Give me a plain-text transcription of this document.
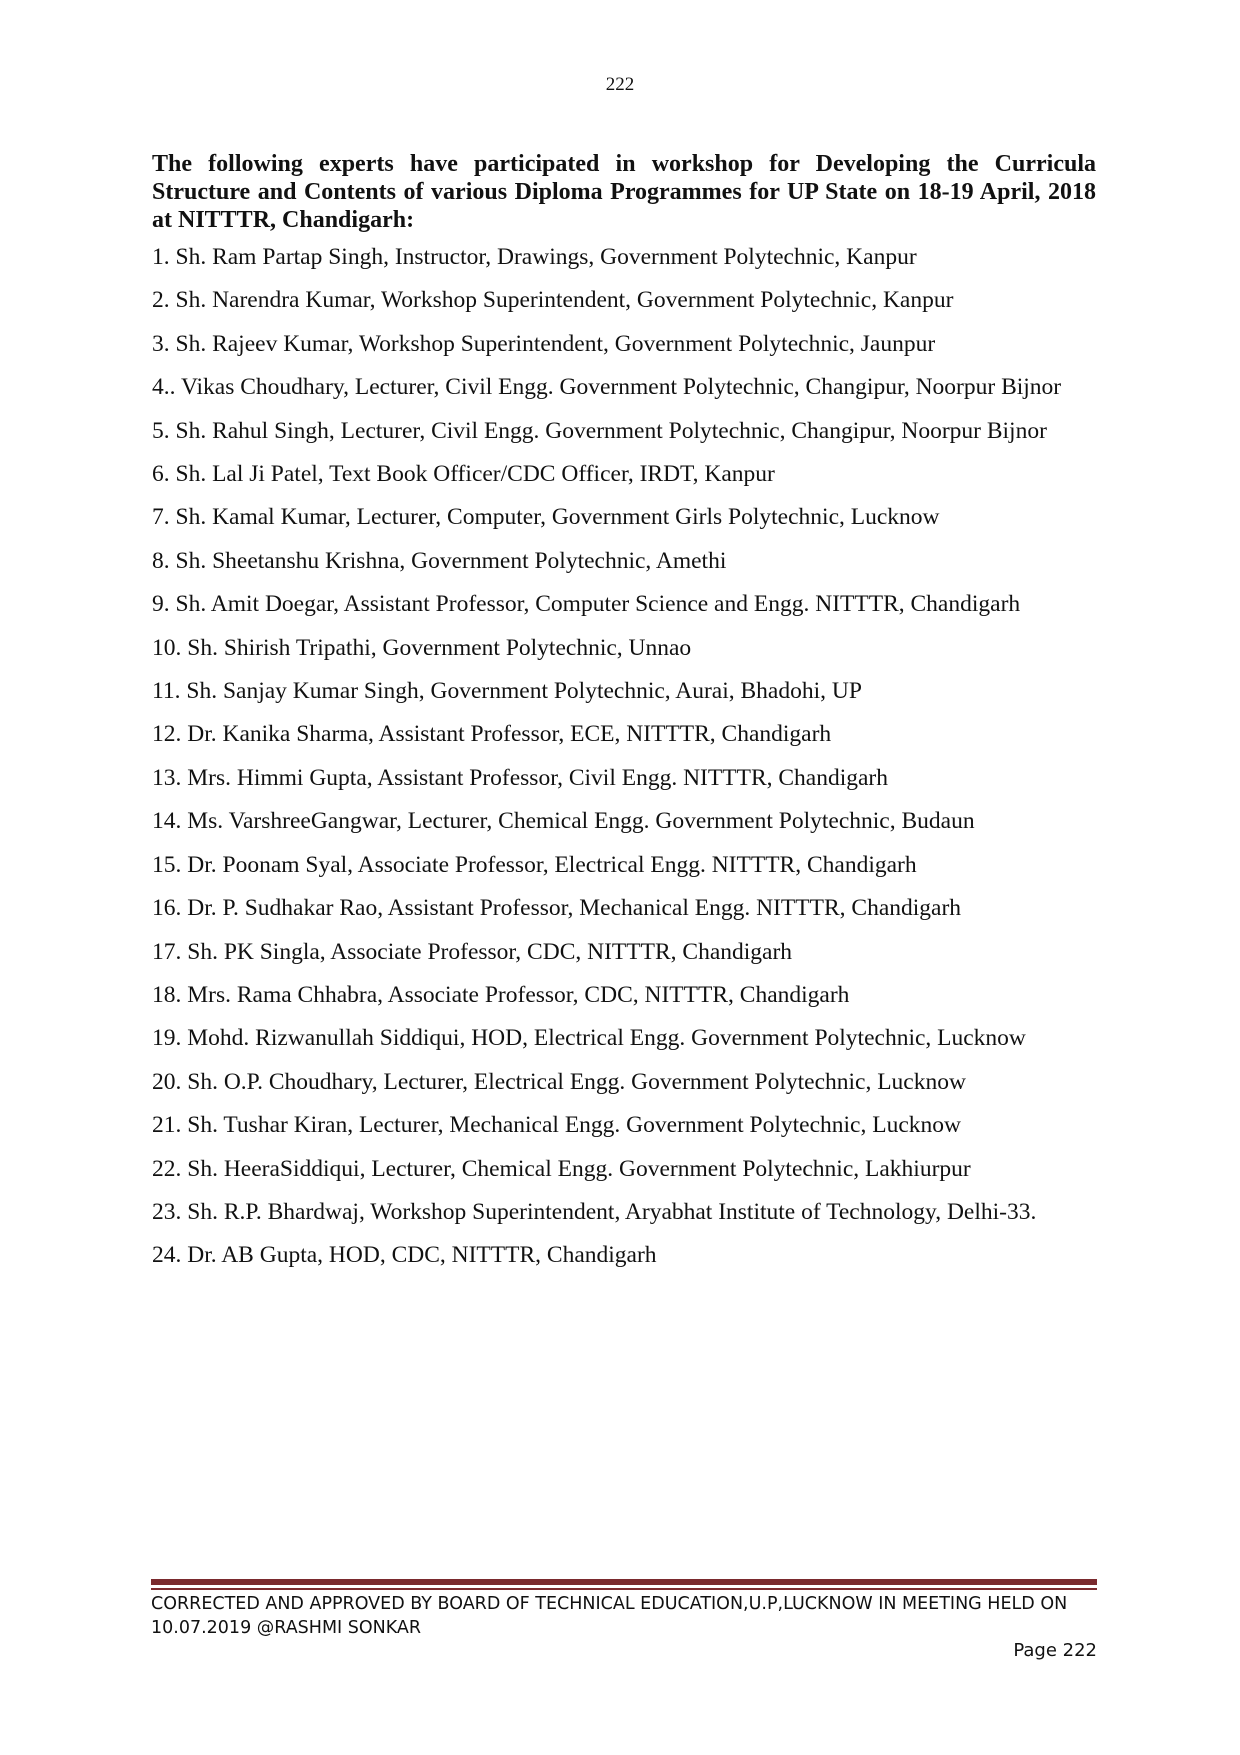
222

The following experts have participated in workshop for Developing the Curricula Structure and Contents of various Diploma Programmes for UP State on 18-19 April, 2018 at NITTTR, Chandigarh:

1. Sh. Ram Partap Singh, Instructor, Drawings, Government Polytechnic, Kanpur
2. Sh. Narendra Kumar, Workshop Superintendent, Government Polytechnic, Kanpur
3. Sh. Rajeev Kumar, Workshop Superintendent, Government Polytechnic, Jaunpur
4.. Vikas Choudhary, Lecturer, Civil Engg. Government Polytechnic, Changipur, Noorpur Bijnor
5. Sh. Rahul Singh, Lecturer, Civil Engg. Government Polytechnic, Changipur, Noorpur Bijnor
6. Sh. Lal Ji Patel, Text Book Officer/CDC Officer, IRDT, Kanpur
7. Sh. Kamal Kumar, Lecturer, Computer, Government Girls Polytechnic, Lucknow
8. Sh. Sheetanshu Krishna, Government Polytechnic, Amethi
9. Sh. Amit Doegar, Assistant Professor, Computer Science and Engg. NITTTR, Chandigarh
10. Sh. Shirish Tripathi, Government Polytechnic, Unnao
11. Sh. Sanjay Kumar Singh, Government Polytechnic, Aurai, Bhadohi, UP
12. Dr. Kanika Sharma, Assistant Professor, ECE, NITTTR, Chandigarh
13. Mrs. Himmi Gupta, Assistant Professor, Civil Engg. NITTTR, Chandigarh
14. Ms. VarshreeGangwar, Lecturer, Chemical Engg. Government Polytechnic, Budaun
15. Dr. Poonam Syal, Associate Professor, Electrical Engg. NITTTR, Chandigarh
16. Dr. P. Sudhakar Rao, Assistant Professor, Mechanical Engg. NITTTR, Chandigarh
17. Sh. PK Singla, Associate Professor, CDC, NITTTR, Chandigarh
18. Mrs. Rama Chhabra, Associate Professor, CDC, NITTTR, Chandigarh
19. Mohd. Rizwanullah Siddiqui, HOD, Electrical Engg. Government Polytechnic, Lucknow
20. Sh. O.P. Choudhary, Lecturer, Electrical Engg. Government Polytechnic, Lucknow
21. Sh. Tushar Kiran, Lecturer, Mechanical Engg. Government Polytechnic, Lucknow
22. Sh. HeeraSiddiqui, Lecturer, Chemical Engg. Government Polytechnic, Lakhiurpur
23. Sh. R.P. Bhardwaj, Workshop Superintendent, Aryabhat Institute of Technology, Delhi-33.
24. Dr. AB Gupta, HOD, CDC, NITTTR, Chandigarh

CORRECTED AND APPROVED BY BOARD OF TECHNICAL EDUCATION,U.P,LUCKNOW IN MEETING HELD ON 10.07.2019 @RASHMI SONKAR

Page 222
